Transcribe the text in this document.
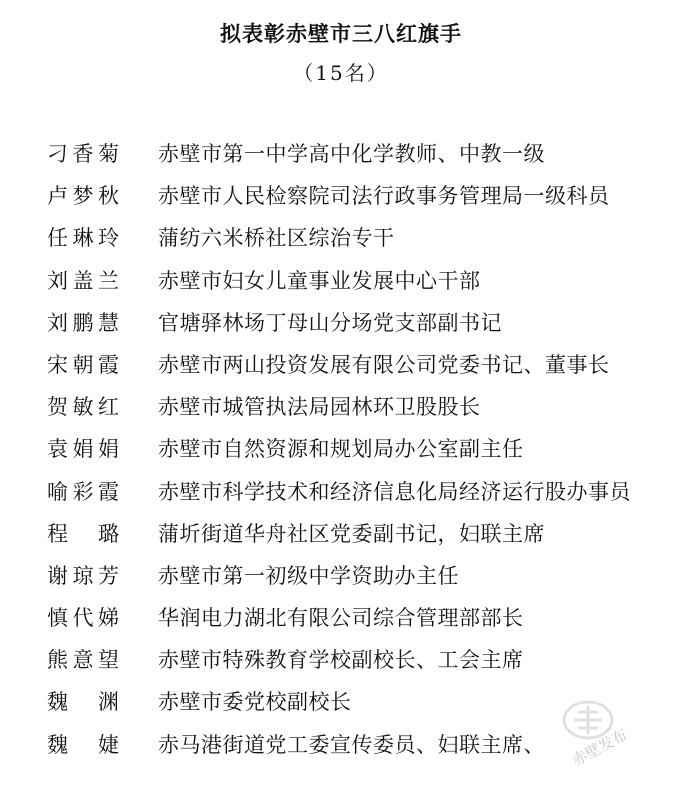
拟表彰赤壁市三八红旗手
（15名）
刁香菊 赤壁市第一中学高中化学教师、中教一级
卢梦秋 赤壁市人民检察院司法行政事务管理局一级科员
任琳玲 蒲纺六米桥社区综治专干
刘盖兰 赤壁市妇女儿童事业发展中心干部
刘鹏慧 官塘驿林场丁母山分场党支部副书记
宋朝霞 赤壁市两山投资发展有限公司党委书记、董事长
贺敏红 赤壁市城管执法局园林环卫股股长
袁娟娟 赤壁市自然资源和规划局办公室副主任
喻彩霞 赤壁市科学技术和经济信息化局经济运行股办事员
程璐 蒲圻街道华舟社区党委副书记，妇联主席
谢琼芳 赤壁市第一初级中学资助办主任
慎代娣 华润电力湖北有限公司综合管理部部长
熊意望 赤壁市特殊教育学校副校长、工会主席
魏渊 赤壁市委党校副校长
魏婕 赤马港街道党工委宣传委员、妇联主席、 赤壁发布
